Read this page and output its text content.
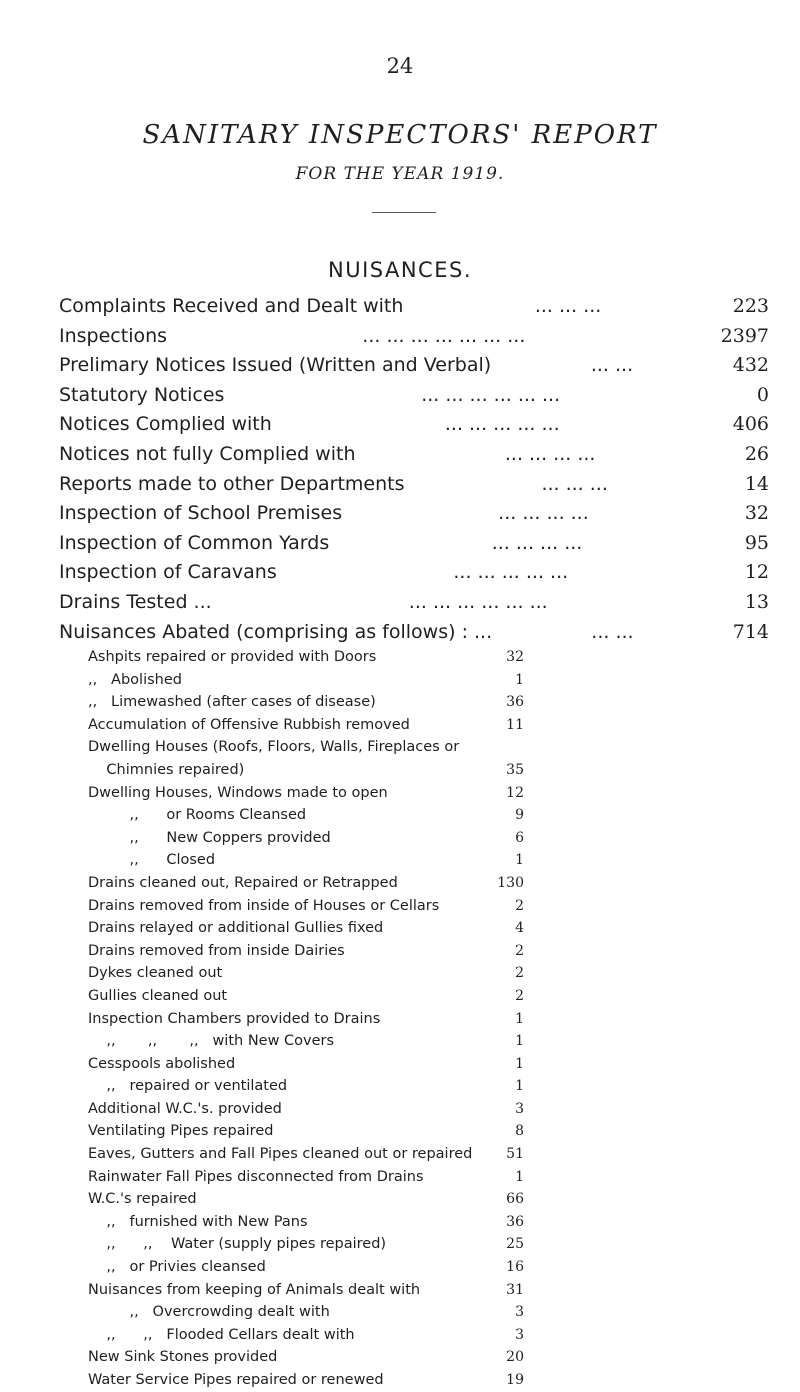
24
SANITARY INSPECTORS' REPORT
FOR THE YEAR 1919.
NUISANCES.
Complaints Received and Dealt with	... ... ...	223
Inspections	... ... ... ... ... ... ...	2397
Prelimary Notices Issued (Written and Verbal)	... ...	432
Statutory Notices	... ... ... ... ... ...	0
Notices Complied with	... ... ... ... ...	406
Notices not fully Complied with	... ... ... ...	26
Reports made to other Departments	... ... ...	14
Inspection of School Premises	... ... ... ...	32
Inspection of Common Yards	... ... ... ...	95
Inspection of Caravans	... ... ... ... ...	12
Drains Tested ...	... ... ... ... ... ...	13
Nuisances Abated (comprising as follows) : ...	... ...	714
Ashpits repaired or provided with Doors	32
,,   Abolished	1
,,   Limewashed (after cases of disease)	36
Accumulation of Offensive Rubbish removed	11
Dwelling Houses (Roofs, Floors, Walls, Fireplaces or
Chimnies repaired)	35
Dwelling Houses, Windows made to open	12
,,      or Rooms Cleansed	9
,,      New Coppers provided	6
,,      Closed	1
Drains cleaned out, Repaired or Retrapped	130
Drains removed from inside of Houses or Cellars	2
Drains relayed or additional Gullies fixed	4
Drains removed from inside Dairies	2
Dykes cleaned out	2
Gullies cleaned out	2
Inspection Chambers provided to Drains	1
,,       ,,       ,,   with New Covers	1
Cesspools abolished	1
,,   repaired or ventilated	1
Additional W.C.'s. provided	3
Ventilating Pipes repaired	8
Eaves, Gutters and Fall Pipes cleaned out or repaired 51
Rainwater Fall Pipes disconnected from Drains	1
W.C.'s repaired	66
,,   furnished with New Pans	36
,,      ,,    Water (supply pipes repaired)	25
,,   or Privies cleansed	16
Nuisances from keeping of Animals dealt with	31
,,   Overcrowding dealt with	3
,,      ,,   Flooded Cellars dealt with	3
New Sink Stones provided	20
Water Service Pipes repaired or renewed	19
